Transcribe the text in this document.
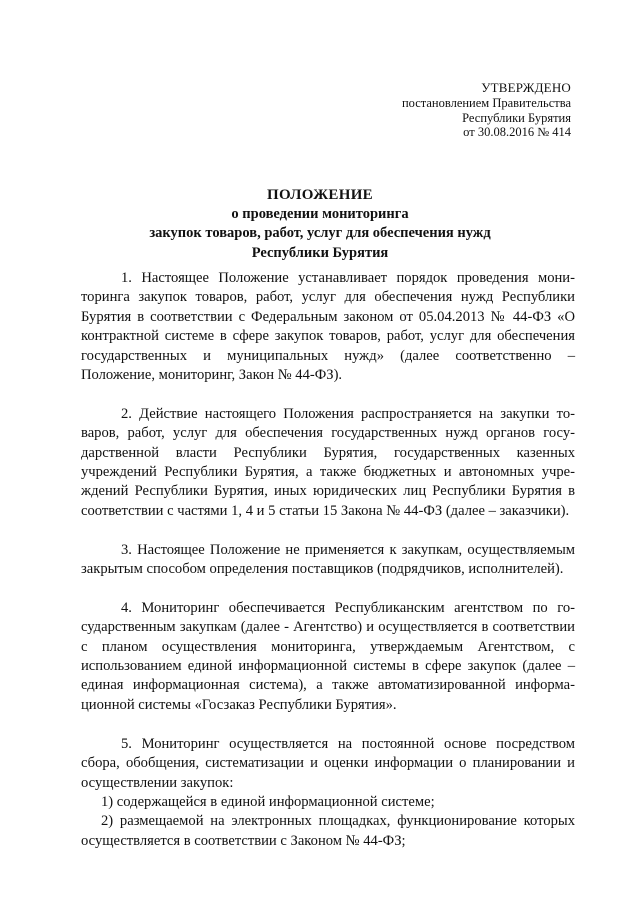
УТВЕРЖДЕНО
постановлением Правительства
Республики Бурятия
от 30.08.2016 № 414
ПОЛОЖЕНИЕ
о проведении мониторинга
закупок товаров, работ, услуг для обеспечения нужд
Республики Бурятия

1. Настоящее Положение устанавливает порядок проведения мониторинга закупок товаров, работ, услуг для обеспечения нужд Республики Бурятия в соответствии с Федеральным законом от 05.04.2013 № 44-ФЗ «О контрактной системе в сфере закупок товаров, работ, услуг для обеспечения государственных и муниципальных нужд» (далее соответственно – Положение, мониторинг, Закон № 44-ФЗ).

2. Действие настоящего Положения распространяется на закупки товаров, работ, услуг для обеспечения государственных нужд органов государственной власти Республики Бурятия, государственных казенных учреждений Республики Бурятия, а также бюджетных и автономных учреждений Республики Бурятия, иных юридических лиц Республики Бурятия в соответствии с частями 1, 4 и 5 статьи 15 Закона № 44-ФЗ (далее – заказчики).

3. Настоящее Положение не применяется к закупкам, осуществляемым закрытым способом определения поставщиков (подрядчиков, исполнителей).

4. Мониторинг обеспечивается Республиканским агентством по государственным закупкам (далее - Агентство) и осуществляется в соответствии с планом осуществления мониторинга, утверждаемым Агентством, с использованием единой информационной системы в сфере закупок (далее – единая информационная система), а также автоматизированной информационной системы «Госзаказ Республики Бурятия».

5. Мониторинг осуществляется на постоянной основе посредством сбора, обобщения, систематизации и оценки информации о планировании и осуществлении закупок:

1) содержащейся в единой информационной системе;

2) размещаемой на электронных площадках, функционирование которых осуществляется в соответствии с Законом № 44-ФЗ;
